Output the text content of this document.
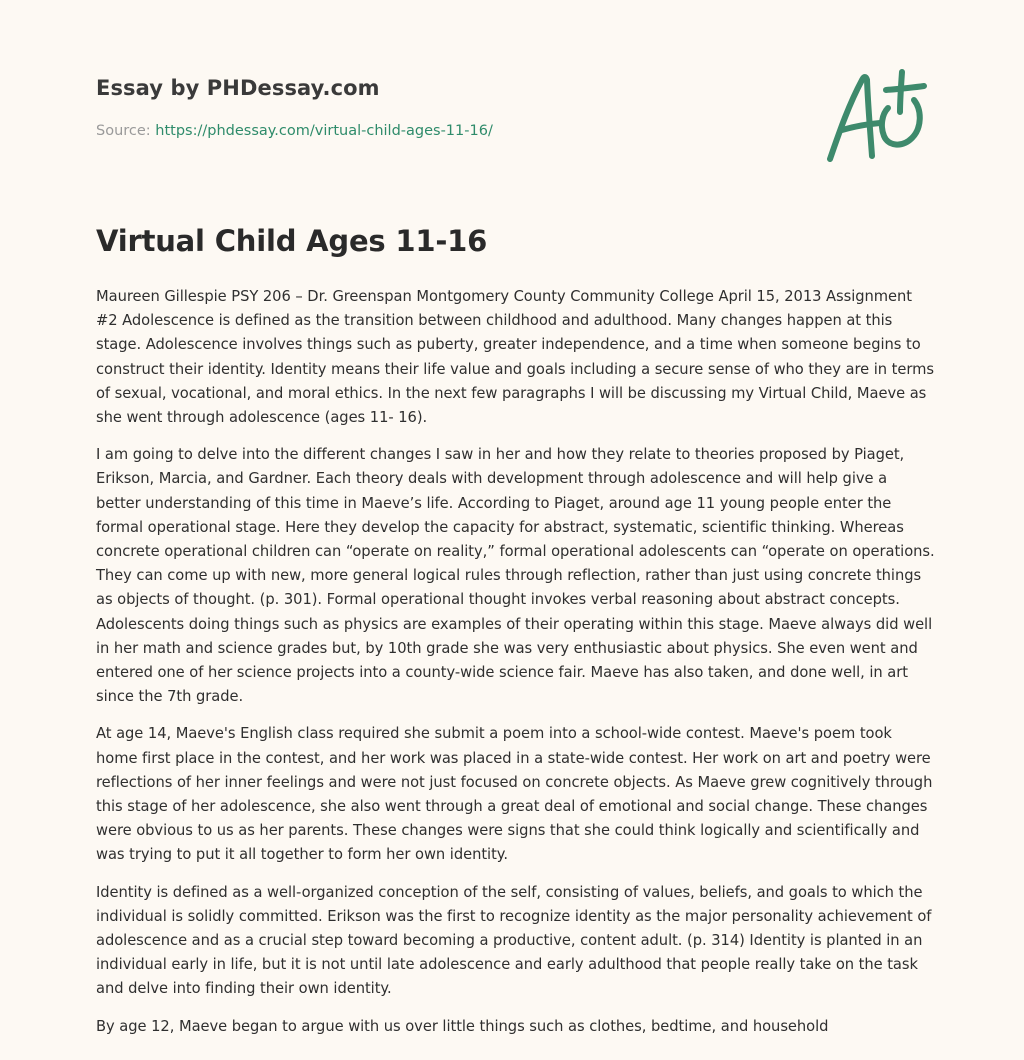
Essay by PHDessay.com
Source: https://phdessay.com/virtual-child-ages-11-16/
Virtual Child Ages 11-16

Maureen Gillespie PSY 206 – Dr. Greenspan Montgomery County Community College April 15, 2013 Assignment #2 Adolescence is defined as the transition between childhood and adulthood. Many changes happen at this stage. Adolescence involves things such as puberty, greater independence, and a time when someone begins to construct their identity. Identity means their life value and goals including a secure sense of who they are in terms of sexual, vocational, and moral ethics. In the next few paragraphs I will be discussing my Virtual Child, Maeve as she went through adolescence (ages 11- 16).

I am going to delve into the different changes I saw in her and how they relate to theories proposed by Piaget, Erikson, Marcia, and Gardner. Each theory deals with development through adolescence and will help give a better understanding of this time in Maeve’s life. According to Piaget, around age 11 young people enter the formal operational stage. Here they develop the capacity for abstract, systematic, scientific thinking. Whereas concrete operational children can “operate on reality,” formal operational adolescents can “operate on operations. They can come up with new, more general logical rules through reflection, rather than just using concrete things as objects of thought. (p. 301). Formal operational thought invokes verbal reasoning about abstract concepts. Adolescents doing things such as physics are examples of their operating within this stage. Maeve always did well in her math and science grades but, by 10th grade she was very enthusiastic about physics. She even went and entered one of her science projects into a county-wide science fair. Maeve has also taken, and done well, in art since the 7th grade.

At age 14, Maeve's English class required she submit a poem into a school-wide contest. Maeve's poem took home first place in the contest, and her work was placed in a state-wide contest. Her work on art and poetry were reflections of her inner feelings and were not just focused on concrete objects. As Maeve grew cognitively through this stage of her adolescence, she also went through a great deal of emotional and social change. These changes were obvious to us as her parents. These changes were signs that she could think logically and scientifically and was trying to put it all together to form her own identity.

Identity is defined as a well-organized conception of the self, consisting of values, beliefs, and goals to which the individual is solidly committed. Erikson was the first to recognize identity as the major personality achievement of adolescence and as a crucial step toward becoming a productive, content adult. (p. 314) Identity is planted in an individual early in life, but it is not until late adolescence and early adulthood that people really take on the task and delve into finding their own identity.

By age 12, Maeve began to argue with us over little things such as clothes, bedtime, and household
